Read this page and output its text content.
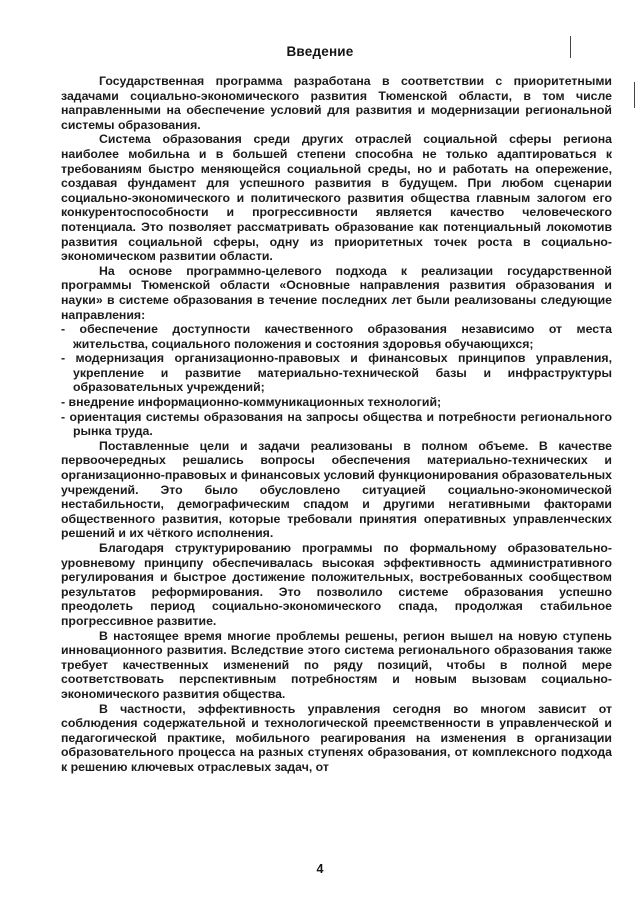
Введение

Государственная программа разработана в соответствии с приоритетными задачами социально-экономического развития Тюменской области, в том числе направленными на обеспечение условий для развития и модернизации региональной системы образования.

Система образования среди других отраслей социальной сферы региона наиболее мобильна и в большей степени способна не только адаптироваться к требованиям быстро меняющейся социальной среды, но и работать на опережение, создавая фундамент для успешного развития в будущем. При любом сценарии социально-экономического и политического развития общества главным залогом его конкурентоспособности и прогрессивности является качество человеческого потенциала. Это позволяет рассматривать образование как потенциальный локомотив развития социальной сферы, одну из приоритетных точек роста в социально-экономическом развитии области.

На основе программно-целевого подхода к реализации государственной программы Тюменской области «Основные направления развития образования и науки» в системе образования в течение последних лет были реализованы следующие направления:

- обеспечение доступности качественного образования независимо от места жительства, социального положения и состояния здоровья обучающихся;

- модернизация организационно-правовых и финансовых принципов управления, укрепление и развитие материально-технической базы и инфраструктуры образовательных учреждений;

- внедрение информационно-коммуникационных технологий;

- ориентация системы образования на запросы общества и потребности регионального рынка труда.

Поставленные цели и задачи реализованы в полном объеме. В качестве первоочередных решались вопросы обеспечения материально-технических и организационно-правовых и финансовых условий функционирования образовательных учреждений. Это было обусловлено ситуацией социально-экономической нестабильности, демографическим спадом и другими негативными факторами общественного развития, которые требовали принятия оперативных управленческих решений и их чёткого исполнения.

Благодаря структурированию программы по формальному образовательно-уровневому принципу обеспечивалась высокая эффективность административного регулирования и быстрое достижение положительных, востребованных сообществом результатов реформирования. Это позволило системе образования успешно преодолеть период социально-экономического спада, продолжая стабильное прогрессивное развитие.

В настоящее время многие проблемы решены, регион вышел на новую ступень инновационного развития. Вследствие этого система регионального образования также требует качественных изменений по ряду позиций, чтобы в полной мере соответствовать перспективным потребностям и новым вызовам социально-экономического развития общества.

В частности, эффективность управления сегодня во многом зависит от соблюдения содержательной и технологической преемственности в управленческой и педагогической практике, мобильного реагирования на изменения в организации образовательного процесса на разных ступенях образования, от комплексного подхода к решению ключевых отраслевых задач, от

4
